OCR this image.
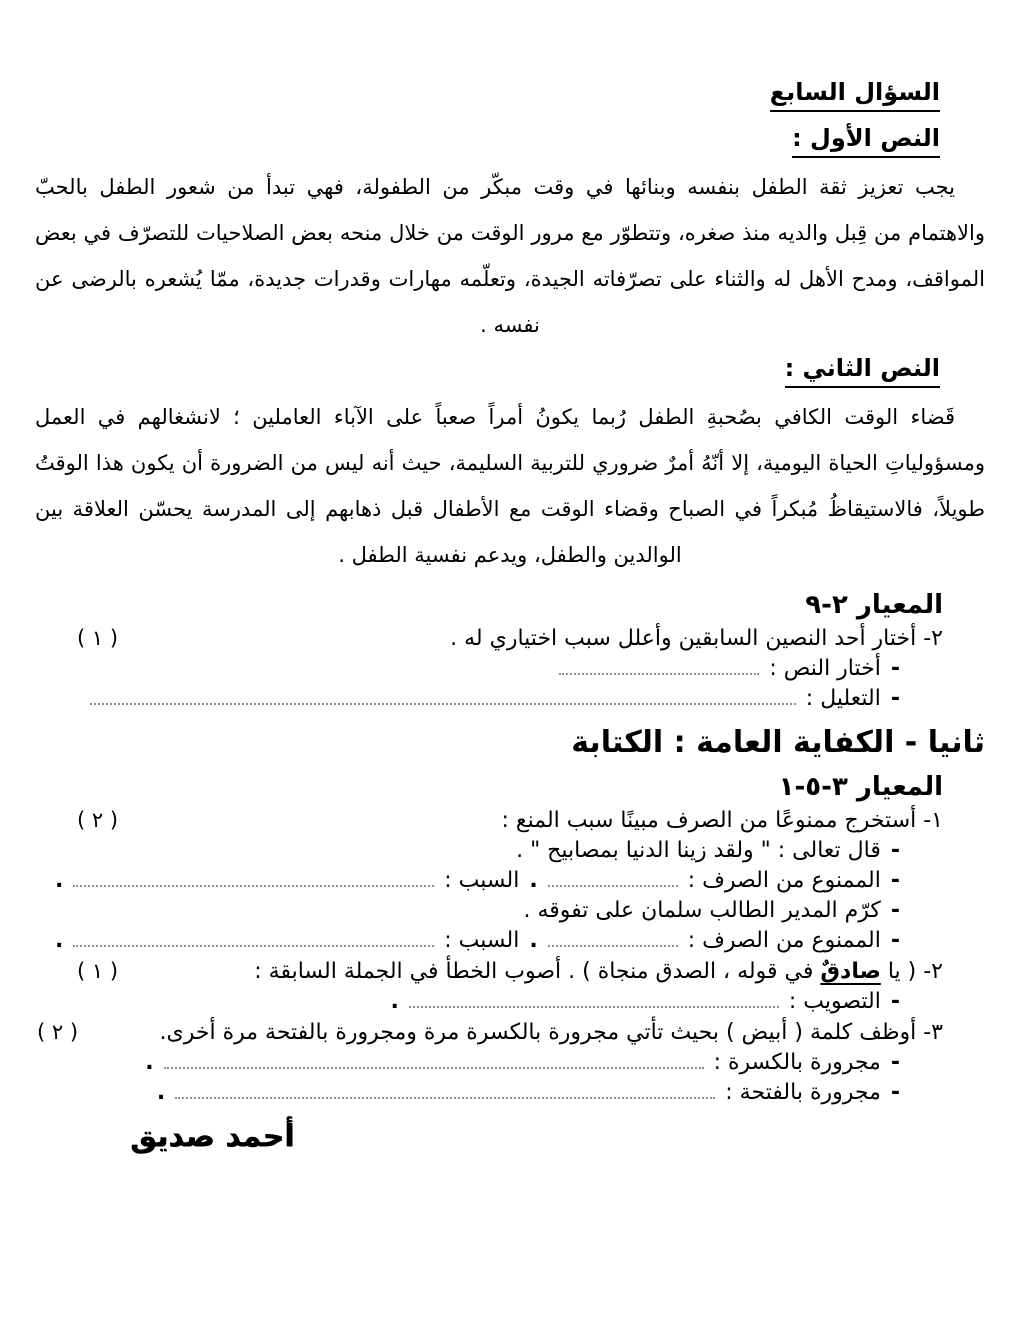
السؤال السابع
النص الأول :

يجب تعزيز ثقة الطفل بنفسه وبنائها في وقت مبكّر من الطفولة، فهي تبدأ من شعور الطفل بالحبّ والاهتمام من قِبل والديه منذ صغره، وتتطوّر مع مرور الوقت من خلال منحه بعض الصلاحيات للتصرّف في بعض المواقف، ومدح الأهل له والثناء على تصرّفاته الجيدة، وتعلّمه مهارات وقدرات جديدة، ممّا يُشعره بالرضى عن نفسه .

النص الثاني :

قَضاء الوقت الكافي بصُحبةِ الطفل رُبما يكونُ أمراً صعباً على الآباء العاملين ؛ لانشغالهم في العمل ومسؤولياتِ الحياة اليومية، إلا أنّهُ أمرٌ ضروري للتربية السليمة، حيث أنه ليس من الضرورة أن يكون هذا الوقتُ طويلاً، فالاستيقاظُ مُبكراً في الصباح وقضاء الوقت مع الأطفال قبل ذهابهم إلى المدرسة يحسّن العلاقة بين الوالدين والطفل، ويدعم نفسية الطفل .

المعيار ٢-٩
٢- أختار أحد النصين السابقين وأعلل سبب اختياري له .
( ١ )
-
أختار النص :
-
التعليل :
ثانيا - الكفاية العامة : الكتابة
المعيار ٣-٥-١
١- أستخرج ممنوعًا من الصرف مبينًا سبب المنع :
( ٢ )
-
قال تعالى : " ولقد زينا الدنيا بمصابيح " .
-
الممنوع من الصرف :
.
السبب :
.
-
كرّم المدير الطالب سلمان على تفوقه .
-
الممنوع من الصرف :
.
السبب :
.
٢- ( يا صادقٌ في قوله ، الصدق منجاة ) . أصوب الخطأ في الجملة السابقة :
( ١ )
-
التصويب :
.
٣- أوظف كلمة ( أبيض ) بحيث تأتي مجرورة بالكسرة مرة ومجرورة بالفتحة مرة أخرى.
( ٢ )
-
مجرورة بالكسرة :
.
-
مجرورة بالفتحة :
.
أحمد صديق
